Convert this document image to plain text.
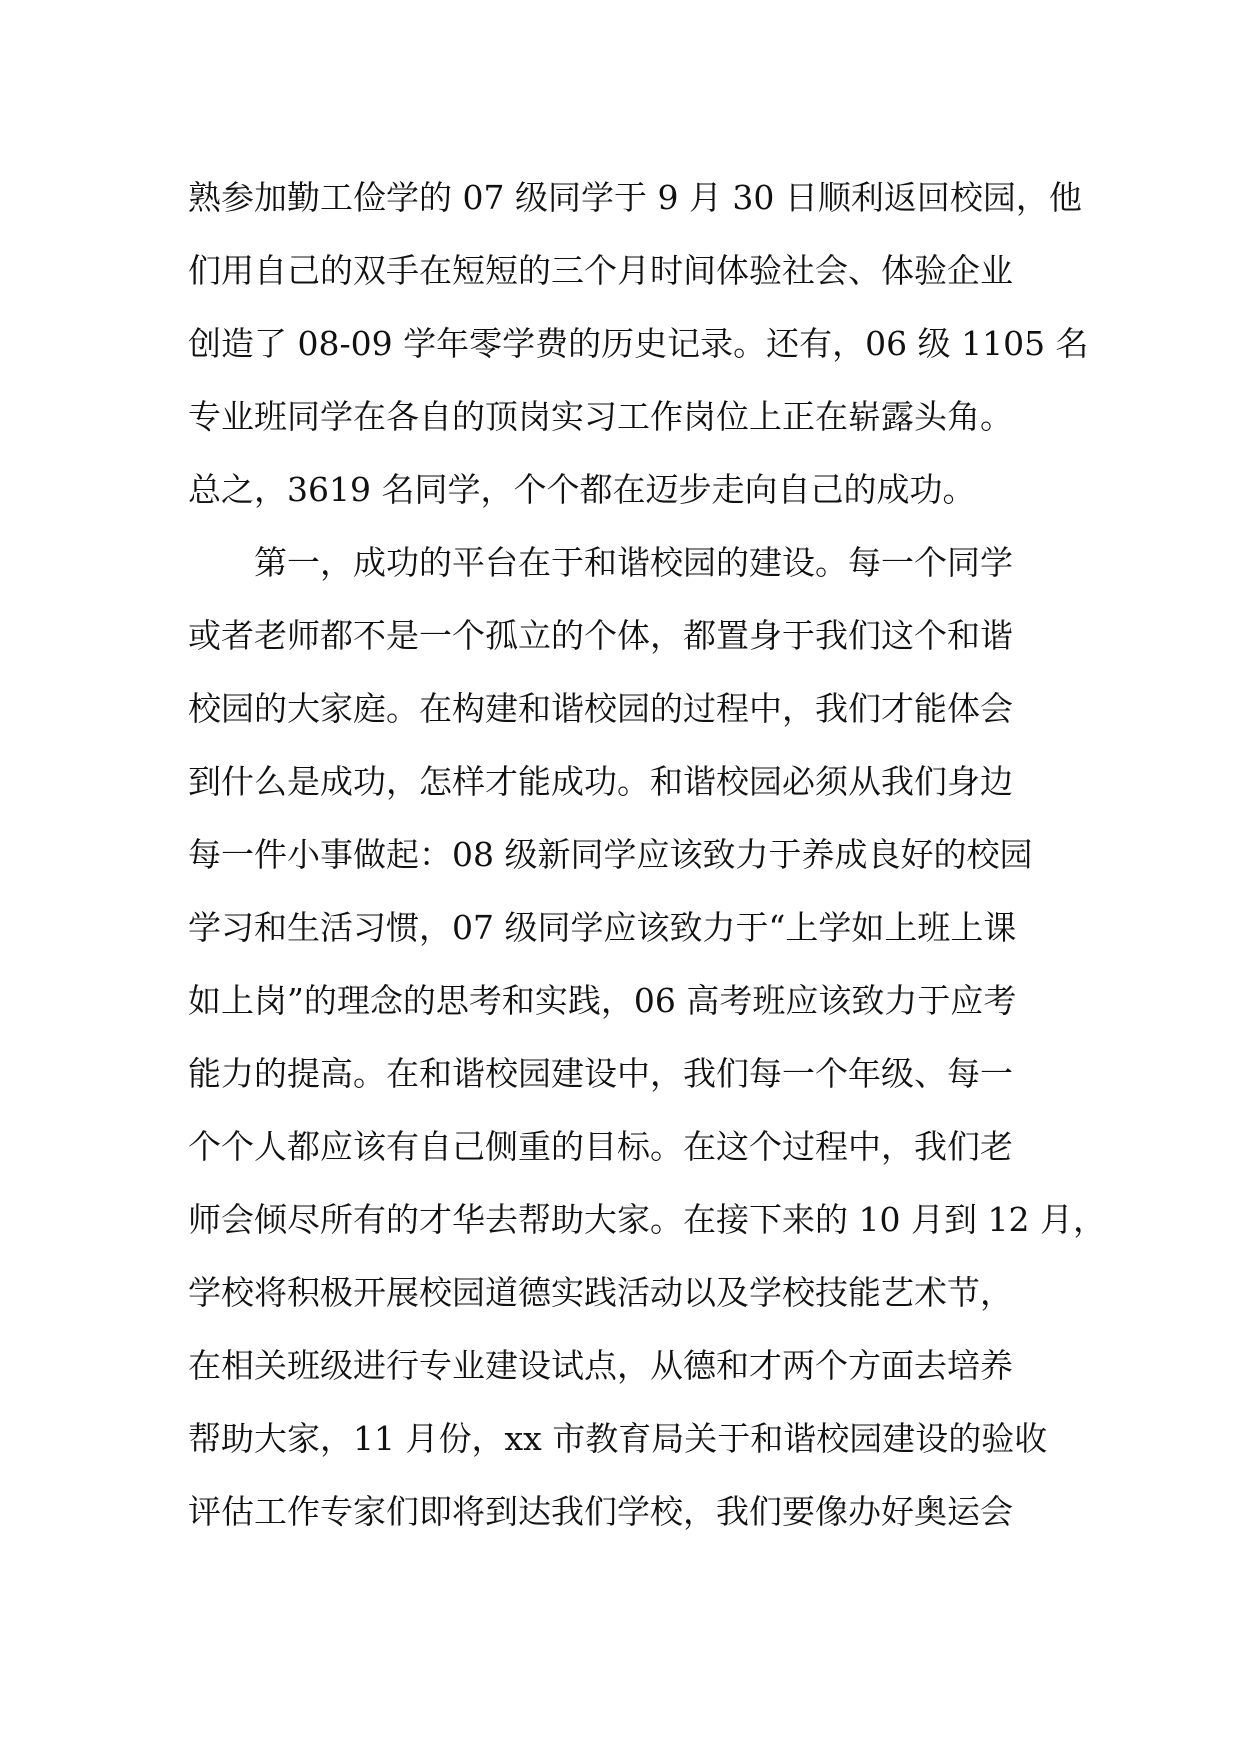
熟参加勤工俭学的 07 级同学于 9 月 30 日顺利返回校园，他
们用自己的双手在短短的三个月时间体验社会、体验企业
创造了 08-09 学年零学费的历史记录。还有，06 级 1105 名
专业班同学在各自的顶岗实习工作岗位上正在崭露头角。
总之，3619 名同学，个个都在迈步走向自己的成功。
第一，成功的平台在于和谐校园的建设。每一个同学
或者老师都不是一个孤立的个体，都置身于我们这个和谐
校园的大家庭。在构建和谐校园的过程中，我们才能体会
到什么是成功，怎样才能成功。和谐校园必须从我们身边
每一件小事做起：08 级新同学应该致力于养成良好的校园
学习和生活习惯，07 级同学应该致力于“上学如上班上课
如上岗”的理念的思考和实践，06 高考班应该致力于应考
能力的提高。在和谐校园建设中，我们每一个年级、每一
个个人都应该有自己侧重的目标。在这个过程中，我们老
师会倾尽所有的才华去帮助大家。在接下来的 10 月到 12 月，
学校将积极开展校园道德实践活动以及学校技能艺术节，
在相关班级进行专业建设试点，从德和才两个方面去培养
帮助大家，11 月份，xx 市教育局关于和谐校园建设的验收
评估工作专家们即将到达我们学校，我们要像办好奥运会
